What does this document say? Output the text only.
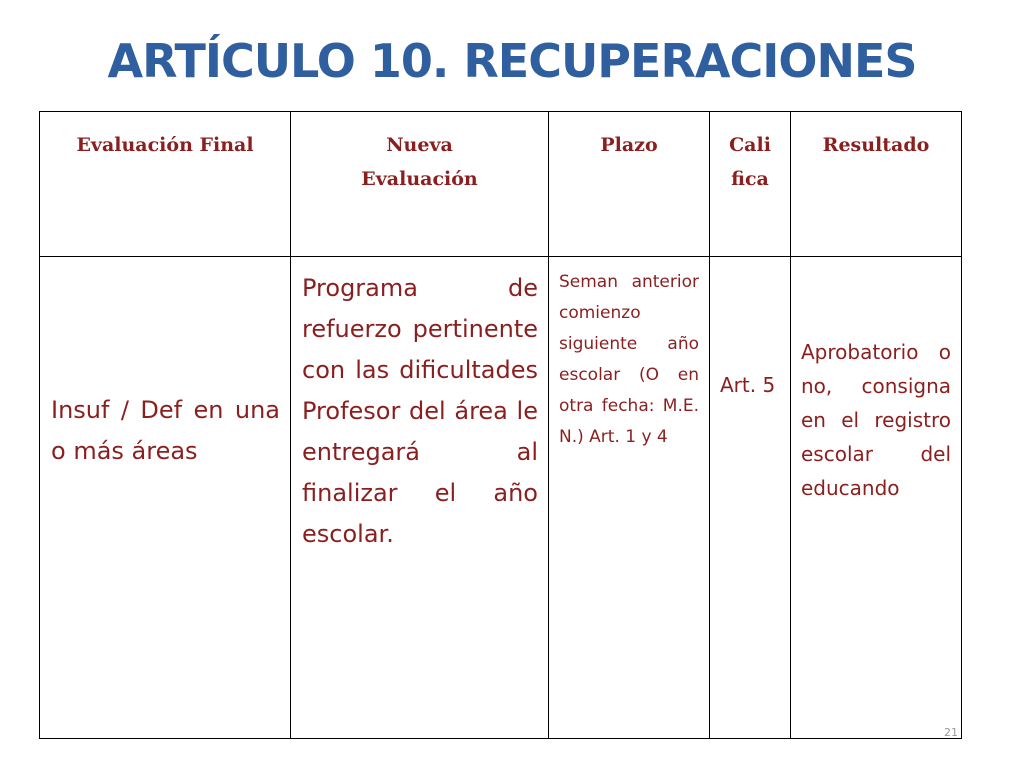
ARTÍCULO 10. RECUPERACIONES
Evaluación Final	Nueva Evaluación	Plazo	Cali fica	Resultado

Insuf / Def en una o más áreas	Programa de refuerzo pertinente con las dificultades Profesor del área le entregará al finalizar el año escolar.	Seman anterior comienzo siguiente año escolar (O en otra fecha: M.E. N.) Art. 1 y 4	Art. 5	Aprobatorio o no, consigna en el registro escolar del educando
21
